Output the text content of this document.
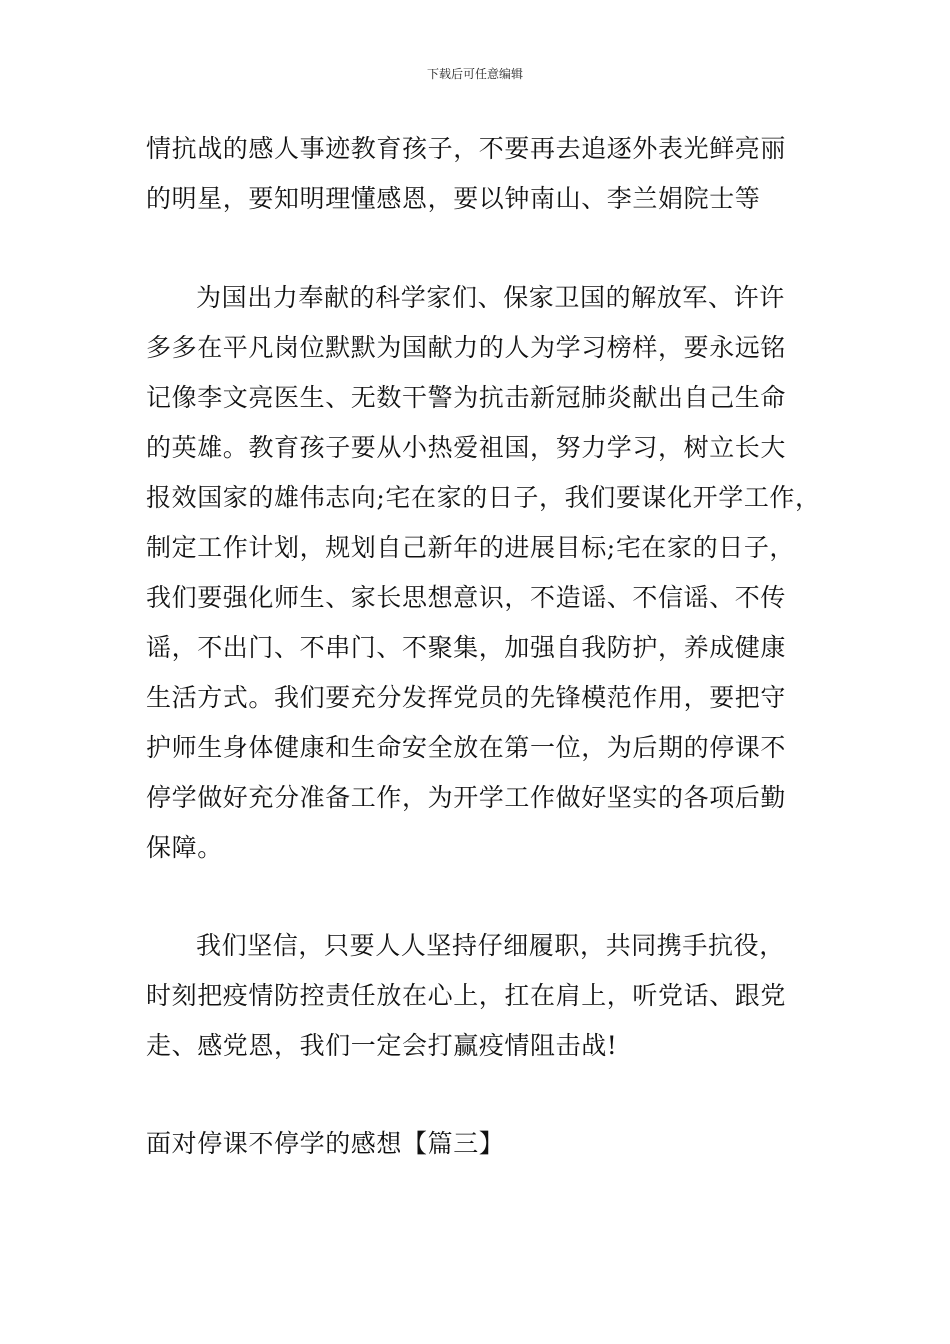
下载后可任意编辑
情抗战的感人事迹教育孩子，不要再去追逐外表光鲜亮丽
的明星，要知明理懂感恩，要以钟南山、李兰娟院士等
为国出力奉献的科学家们、保家卫国的解放军、许许
多多在平凡岗位默默为国献力的人为学习榜样，要永远铭
记像李文亮医生、无数干警为抗击新冠肺炎献出自己生命
的英雄。教育孩子要从小热爱祖国，努力学习，树立长大
报效国家的雄伟志向;宅在家的日子，我们要谋化开学工作，
制定工作计划，规划自己新年的进展目标;宅在家的日子，
我们要强化师生、家长思想意识，不造谣、不信谣、不传
谣，不出门、不串门、不聚集，加强自我防护，养成健康
生活方式。我们要充分发挥党员的先锋模范作用，要把守
护师生身体健康和生命安全放在第一位，为后期的停课不
停学做好充分准备工作，为开学工作做好坚实的各项后勤
保障。
我们坚信，只要人人坚持仔细履职，共同携手抗役，
时刻把疫情防控责任放在心上，扛在肩上，听党话、跟党
走、感党恩，我们一定会打赢疫情阻击战!
面对停课不停学的感想【篇三】
